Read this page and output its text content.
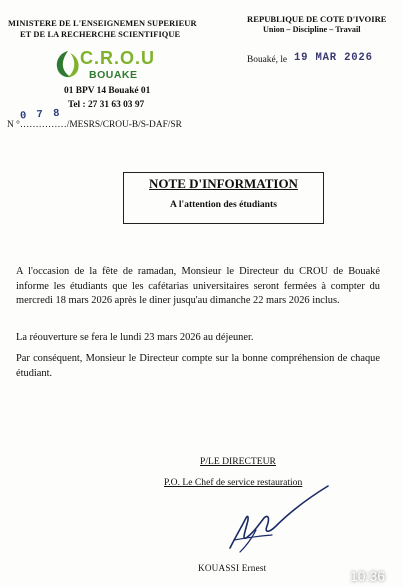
MINISTERE DE L'ENSEIGNEMEN SUPERIEUR
ET DE LA RECHERCHE SCIENTIFIQUE
C.R.O.U
BOUAKE
01 BPV 14 Bouaké 01
Tel : 27 31 63 03 97
0 7 8
N °……………/MESRS/CROU-B/S-DAF/SR
REPUBLIQUE DE COTE D'IVOIRE
Union – Discipline – Travail
Bouaké, le 19 MAR 2026
NOTE D'INFORMATION
A l'attention des étudiants
A l'occasion de la fête de ramadan, Monsieur le Directeur du CROU de Bouaké informe les étudiants que les cafétarias universitaires seront fermées à compter du mercredi 18 mars 2026 après le diner jusqu'au dimanche 22 mars 2026 inclus.
La réouverture se fera le lundi 23 mars 2026 au déjeuner.
Par conséquent, Monsieur le Directeur compte sur la bonne compréhension de chaque étudiant.
P/LE DIRECTEUR
P.O. Le Chef de service restauration
KOUASSI Ernest	10:36
